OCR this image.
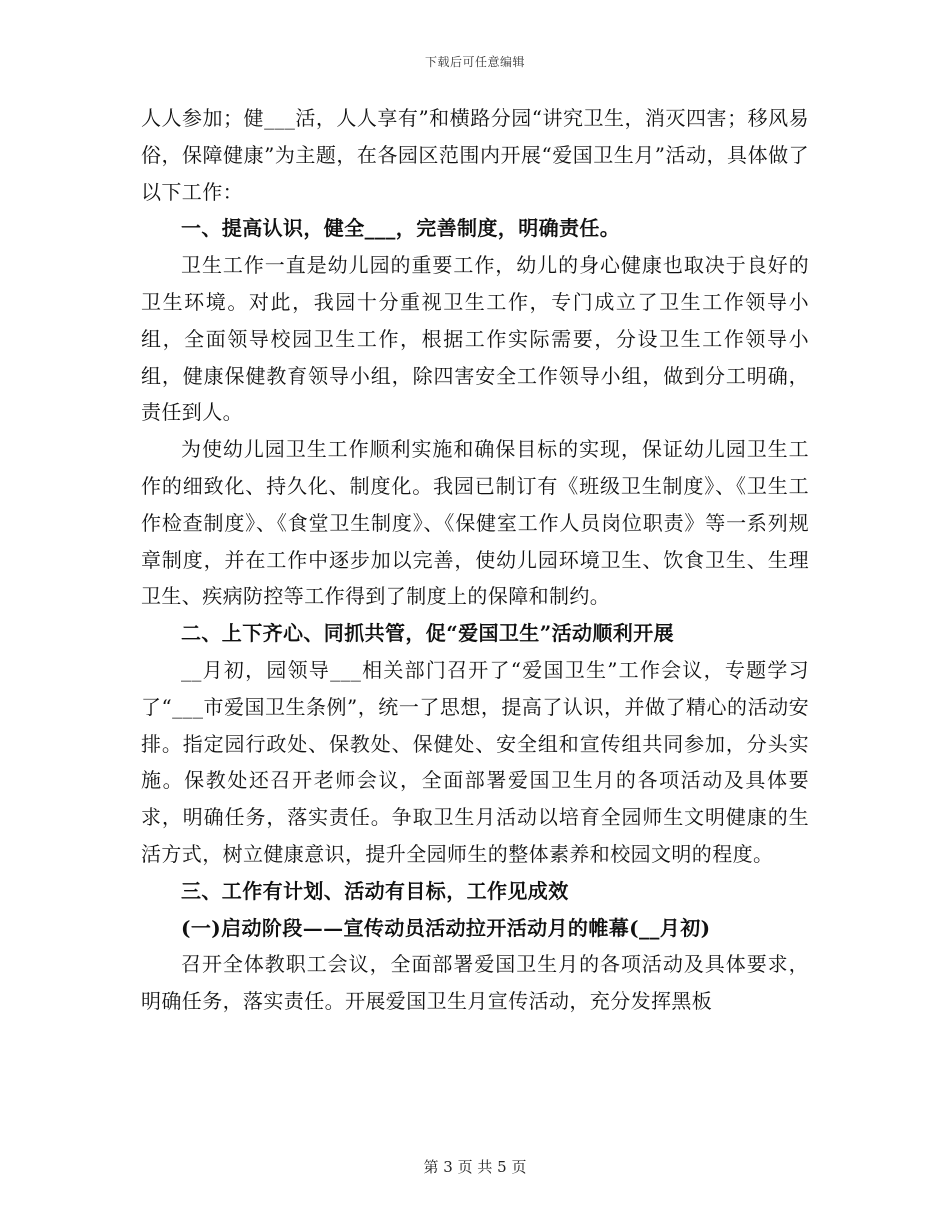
下载后可任意编辑

人人参加；健___活，人人享有”和横路分园“讲究卫生，消灭四害；移风易俗，保障健康”为主题，在各园区范围内开展“爱国卫生月”活动，具体做了以下工作：

一、提高认识，健全___，完善制度，明确责任。

卫生工作一直是幼儿园的重要工作，幼儿的身心健康也取决于良好的卫生环境。对此，我园十分重视卫生工作，专门成立了卫生工作领导小组，全面领导校园卫生工作，根据工作实际需要，分设卫生工作领导小组，健康保健教育领导小组，除四害安全工作领导小组，做到分工明确，责任到人。

为使幼儿园卫生工作顺利实施和确保目标的实现，保证幼儿园卫生工作的细致化、持久化、制度化。我园已制订有《班级卫生制度》、《卫生工作检查制度》、《食堂卫生制度》、《保健室工作人员岗位职责》等一系列规章制度，并在工作中逐步加以完善，使幼儿园环境卫生、饮食卫生、生理卫生、疾病防控等工作得到了制度上的保障和制约。

二、上下齐心、同抓共管，促“爱国卫生”活动顺利开展

__月初，园领导___相关部门召开了“爱国卫生”工作会议，专题学习了“___市爱国卫生条例”，统一了思想，提高了认识，并做了精心的活动安排。指定园行政处、保教处、保健处、安全组和宣传组共同参加，分头实施。保教处还召开老师会议，全面部署爱国卫生月的各项活动及具体要求，明确任务，落实责任。争取卫生月活动以培育全园师生文明健康的生活方式，树立健康意识，提升全园师生的整体素养和校园文明的程度。

三、工作有计划、活动有目标，工作见成效
(一)启动阶段——宣传动员活动拉开活动月的帷幕(__月初)

召开全体教职工会议，全面部署爱国卫生月的各项活动及具体要求，明确任务，落实责任。开展爱国卫生月宣传活动，充分发挥黑板

第 3 页 共 5 页
